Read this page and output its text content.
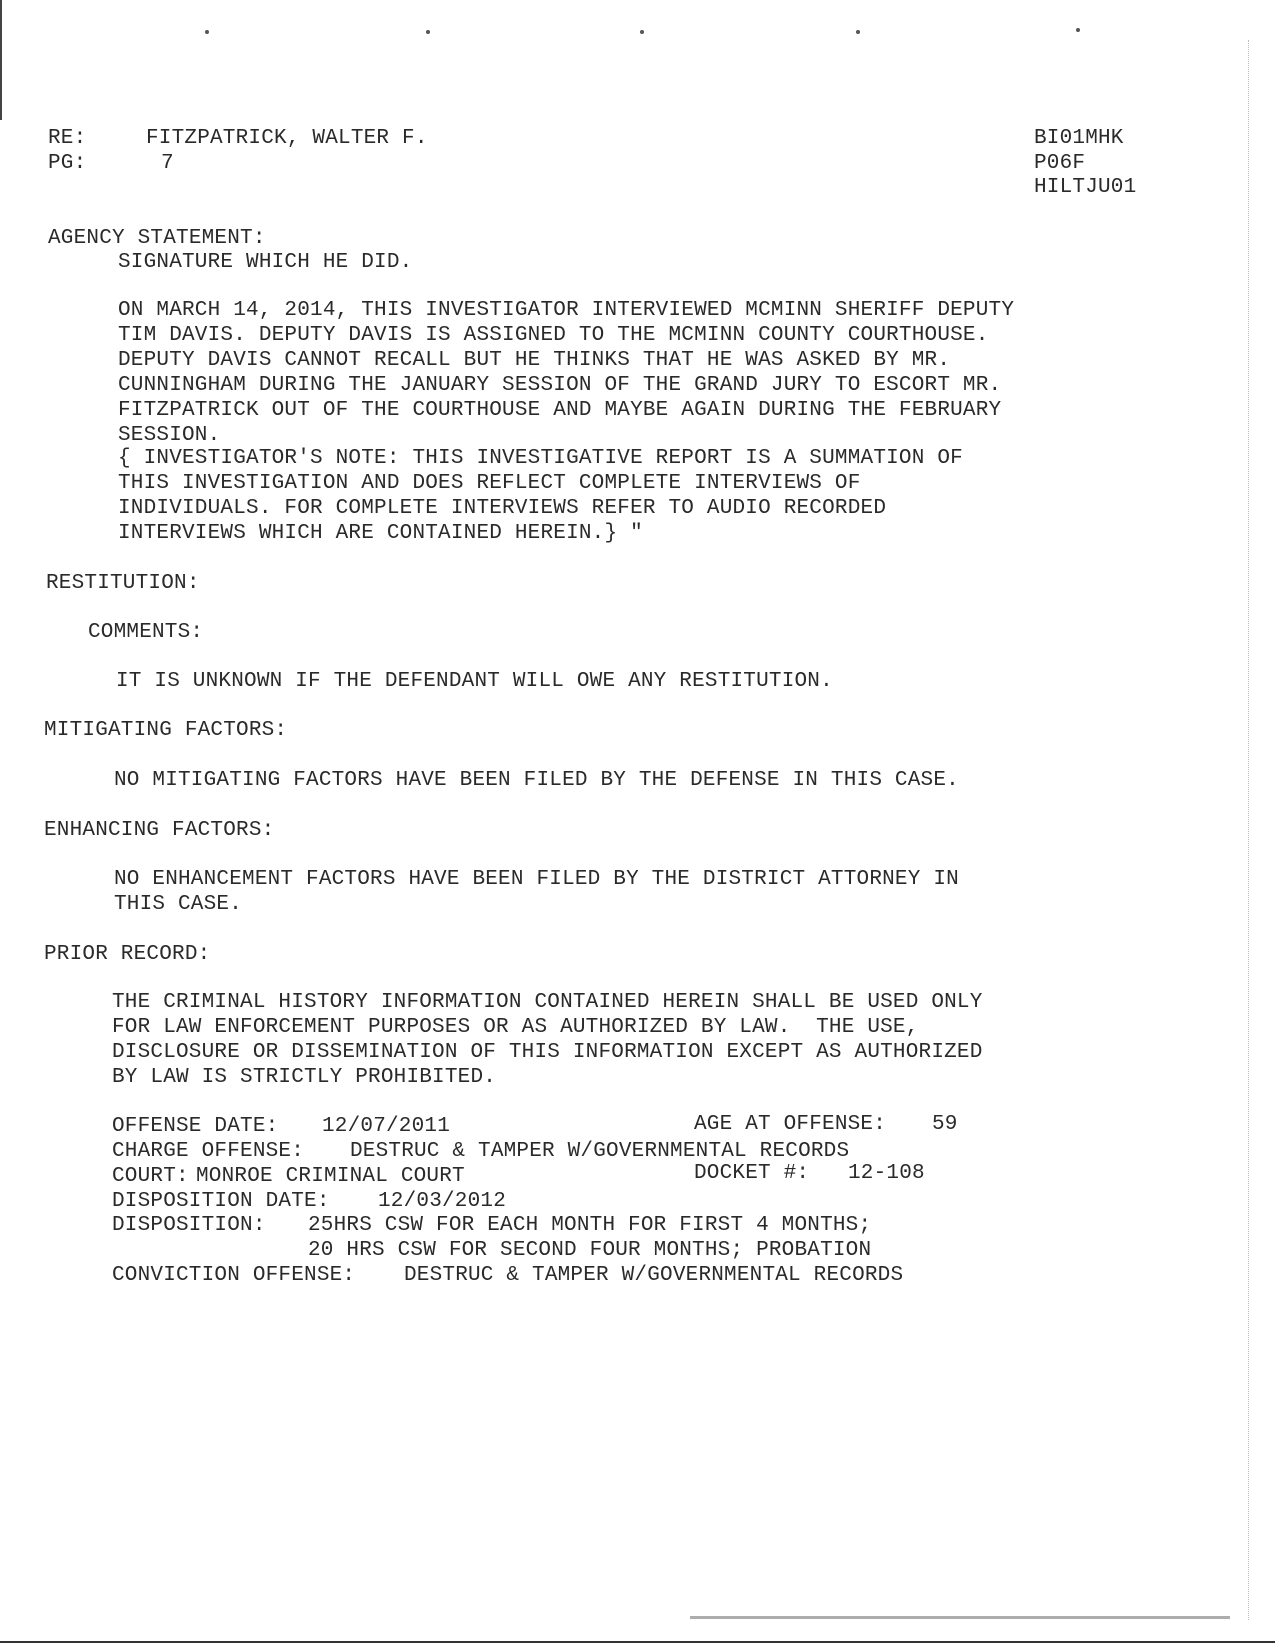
RE:	FITZPATRICK, WALTER F.
PG:	7
BI01MHK
P06F
HILTJU01
AGENCY STATEMENT:
SIGNATURE WHICH HE DID.
ON MARCH 14, 2014, THIS INVESTIGATOR INTERVIEWED MCMINN SHERIFF DEPUTY
TIM DAVIS. DEPUTY DAVIS IS ASSIGNED TO THE MCMINN COUNTY COURTHOUSE.
DEPUTY DAVIS CANNOT RECALL BUT HE THINKS THAT HE WAS ASKED BY MR.
CUNNINGHAM DURING THE JANUARY SESSION OF THE GRAND JURY TO ESCORT MR.
FITZPATRICK OUT OF THE COURTHOUSE AND MAYBE AGAIN DURING THE FEBRUARY
SESSION.
{ INVESTIGATOR'S NOTE: THIS INVESTIGATIVE REPORT IS A SUMMATION OF
THIS INVESTIGATION AND DOES REFLECT COMPLETE INTERVIEWS OF
INDIVIDUALS. FOR COMPLETE INTERVIEWS REFER TO AUDIO RECORDED
INTERVIEWS WHICH ARE CONTAINED HEREIN.} "
RESTITUTION:
COMMENTS:
IT IS UNKNOWN IF THE DEFENDANT WILL OWE ANY RESTITUTION.
MITIGATING FACTORS:
NO MITIGATING FACTORS HAVE BEEN FILED BY THE DEFENSE IN THIS CASE.
ENHANCING FACTORS:
NO ENHANCEMENT FACTORS HAVE BEEN FILED BY THE DISTRICT ATTORNEY IN
THIS CASE.
PRIOR RECORD:
THE CRIMINAL HISTORY INFORMATION CONTAINED HEREIN SHALL BE USED ONLY
FOR LAW ENFORCEMENT PURPOSES OR AS AUTHORIZED BY LAW.  THE USE,
DISCLOSURE OR DISSEMINATION OF THIS INFORMATION EXCEPT AS AUTHORIZED
BY LAW IS STRICTLY PROHIBITED.
OFFENSE DATE: 12/07/2011	AGE AT OFFENSE: 59
CHARGE OFFENSE: DESTRUC & TAMPER W/GOVERNMENTAL RECORDS
COURT: MONROE CRIMINAL COURT	DOCKET #: 12-108
DISPOSITION DATE: 12/03/2012
DISPOSITION: 25HRS CSW FOR EACH MONTH FOR FIRST 4 MONTHS;
20 HRS CSW FOR SECOND FOUR MONTHS; PROBATION
CONVICTION OFFENSE: DESTRUC & TAMPER W/GOVERNMENTAL RECORDS
